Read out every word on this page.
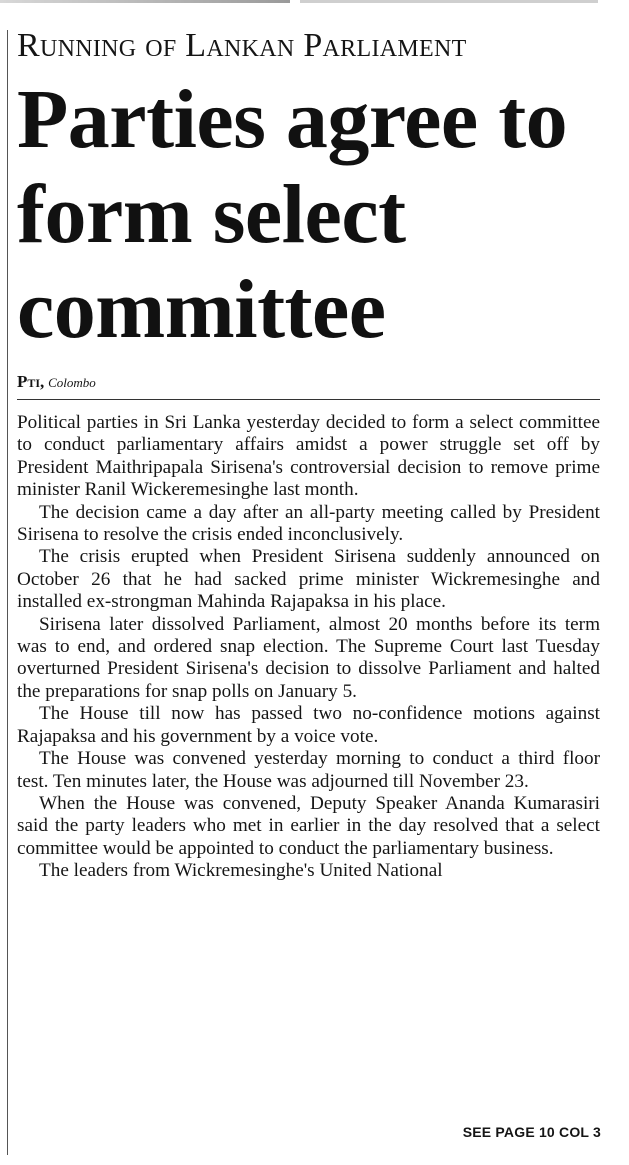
Running of Lankan Parliament
Parties agree to form select committee
Pti, Colombo

Political parties in Sri Lanka yesterday decided to form a select committee to conduct parliamentary affairs amidst a power struggle set off by President Maithripapala Sirisena's controversial decision to remove prime minister Ranil Wickeremesinghe last month.

The decision came a day after an all-party meeting called by President Sirisena to resolve the crisis ended inconclusively.

The crisis erupted when President Sirisena suddenly announced on October 26 that he had sacked prime minister Wickremesinghe and installed ex-strongman Mahinda Rajapaksa in his place.

Sirisena later dissolved Parliament, almost 20 months before its term was to end, and ordered snap election. The Supreme Court last Tuesday overturned President Sirisena's decision to dissolve Parliament and halted the preparations for snap polls on January 5.

The House till now has passed two no-confidence motions against Rajapaksa and his government by a voice vote.

The House was convened yesterday morning to conduct a third floor test. Ten minutes later, the House was adjourned till November 23.

When the House was convened, Deputy Speaker Ananda Kumarasiri said the party leaders who met in earlier in the day resolved that a select committee would be appointed to conduct the parliamentary business.

The leaders from Wickremesinghe's United National

SEE PAGE 10 COL 3
